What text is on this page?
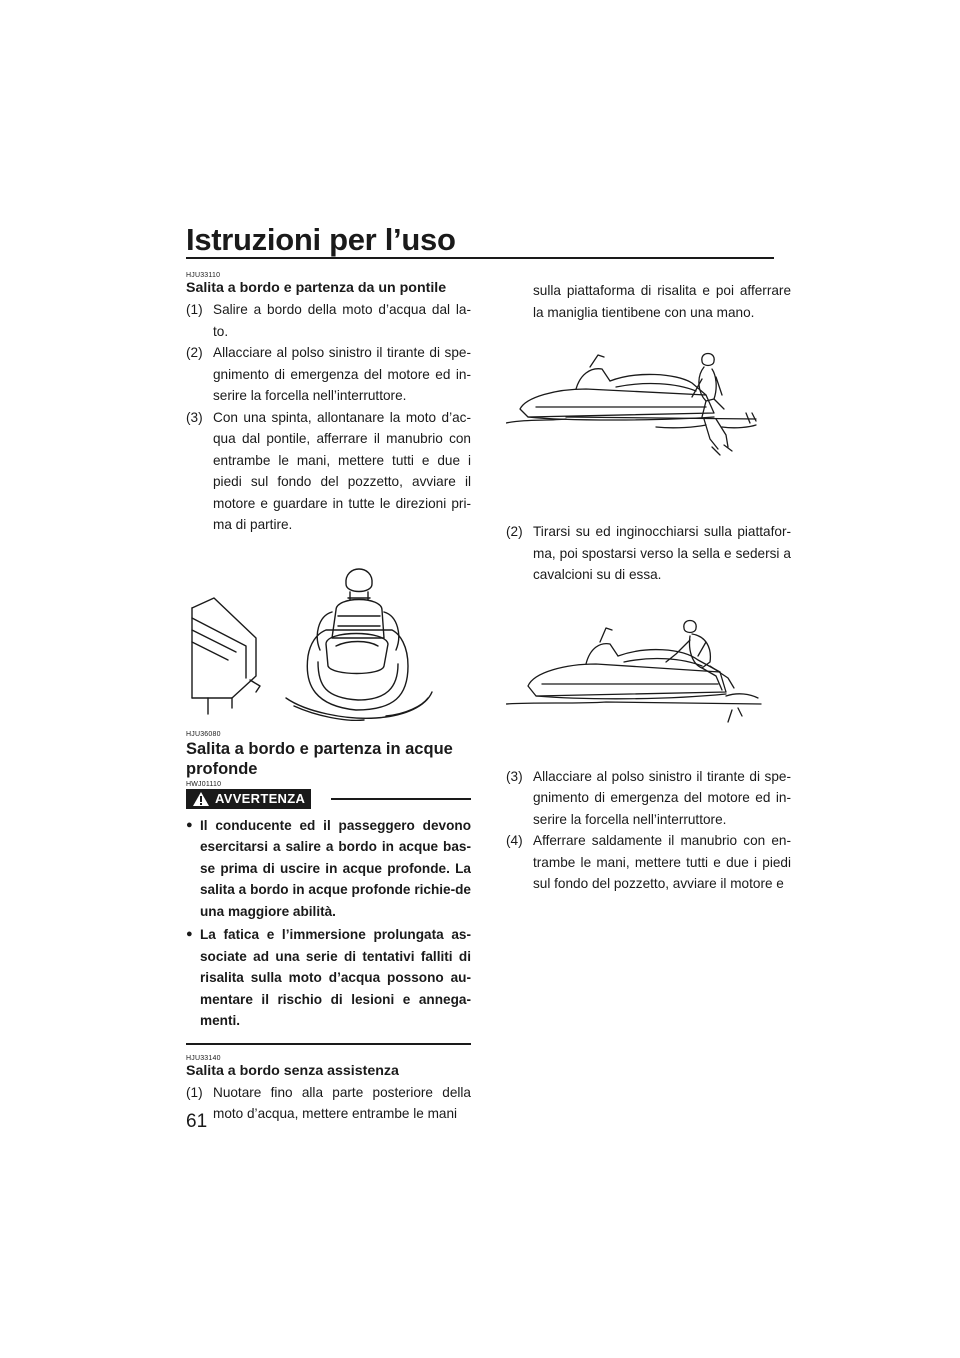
Istruzioni per l’uso

HJU33110

Salita a bordo e partenza da un pontile

(1) Salire a bordo della moto d’acqua dal la-to.
(2) Allacciare al polso sinistro il tirante di spe-gnimento di emergenza del motore ed in-serire la forcella nell’interruttore.
(3) Con una spinta, allontanare la moto d’ac-qua dal pontile, afferrare il manubrio con entrambe le mani, mettere tutti e due i piedi sul fondo del pozzetto, avviare il motore e guardare in tutte le direzioni pri-ma di partire.

HJU36080

Salita a bordo e partenza in acque profonde

HWJ01110

AVVERTENZA
● Il conducente ed il passeggero devono esercitarsi a salire a bordo in acque bas-se prima di uscire in acque profonde. La salita a bordo in acque profonde richie-de una maggiore abilità.
● La fatica e l’immersione prolungata as-sociate ad una serie di tentativi falliti di risalita sulla moto d’acqua possono au-mentare il rischio di lesioni e annega-menti.

HJU33140

Salita a bordo senza assistenza

(1) Nuotare fino alla parte posteriore della moto d’acqua, mettere entrambe le mani
sulla piattaforma di risalita e poi afferrare la maniglia tientibene con una mano.
(2) Tirarsi su ed inginocchiarsi sulla piattafor-ma, poi spostarsi verso la sella e sedersi a cavalcioni su di essa.
(3) Allacciare al polso sinistro il tirante di spe-gnimento di emergenza del motore ed in-serire la forcella nell’interruttore.
(4) Afferrare saldamente il manubrio con en-trambe le mani, mettere tutti e due i piedi sul fondo del pozzetto, avviare il motore e
61
